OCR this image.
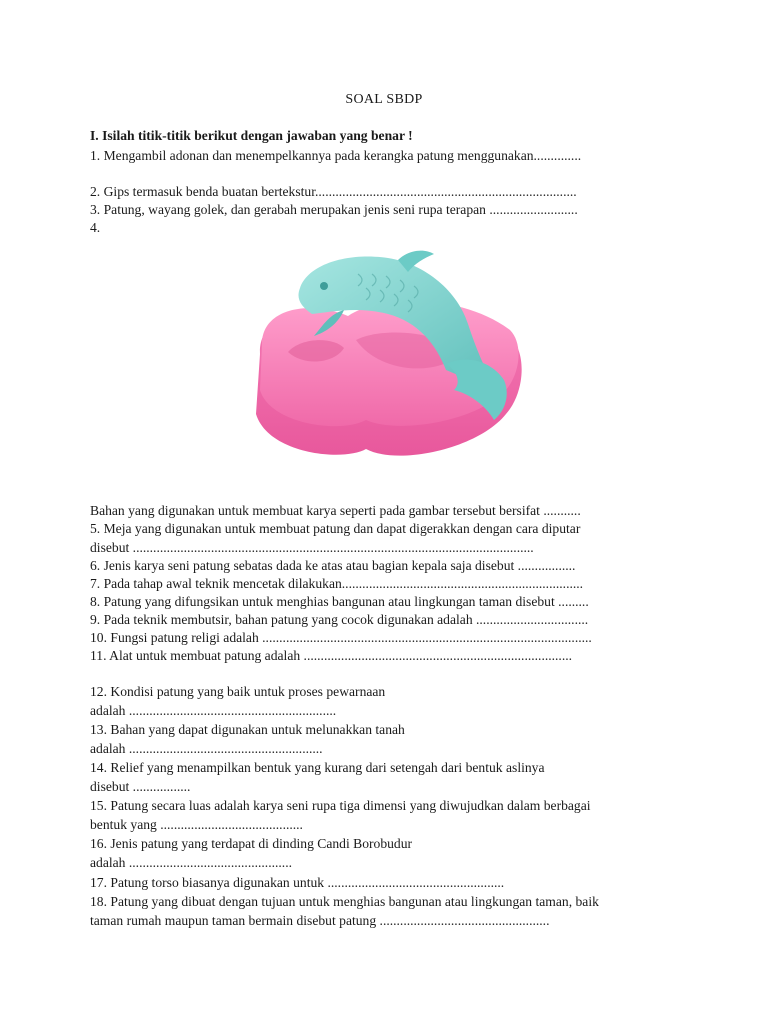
SOAL SBDP
I. Isilah titik-titik berikut dengan jawaban yang benar !
1. Mengambil adonan dan menempelkannya pada kerangka patung menggunakan..............
2. Gips termasuk benda buatan bertekstur.............................................................................
3. Patung, wayang golek, dan gerabah merupakan jenis seni rupa terapan ..........................
4.
Bahan yang digunakan untuk membuat karya seperti pada gambar tersebut bersifat ...........
5. Meja yang digunakan untuk membuat patung dan dapat digerakkan dengan cara diputar
disebut ......................................................................................................................
6. Jenis karya seni patung sebatas dada ke atas atau bagian kepala saja disebut .................
7. Pada tahap awal teknik mencetak dilakukan.......................................................................
8. Patung yang difungsikan untuk menghias bangunan atau lingkungan taman disebut .........
9. Pada teknik membutsir, bahan patung yang cocok digunakan adalah .................................
10. Fungsi patung religi adalah .................................................................................................
11. Alat untuk membuat patung adalah ...............................................................................
12. Kondisi patung yang baik untuk proses pewarnaan
adalah .............................................................
13. Bahan yang dapat digunakan untuk melunakkan tanah
adalah .........................................................
14. Relief yang menampilkan bentuk yang kurang dari setengah dari bentuk aslinya
disebut .................
15. Patung secara luas adalah karya seni rupa tiga dimensi yang diwujudkan dalam berbagai
bentuk yang ..........................................
16. Jenis patung yang terdapat di dinding Candi Borobudur
adalah ................................................
17. Patung torso biasanya digunakan untuk ....................................................
18. Patung yang dibuat dengan tujuan untuk menghias bangunan atau lingkungan taman, baik
taman rumah maupun taman bermain disebut patung ..................................................
